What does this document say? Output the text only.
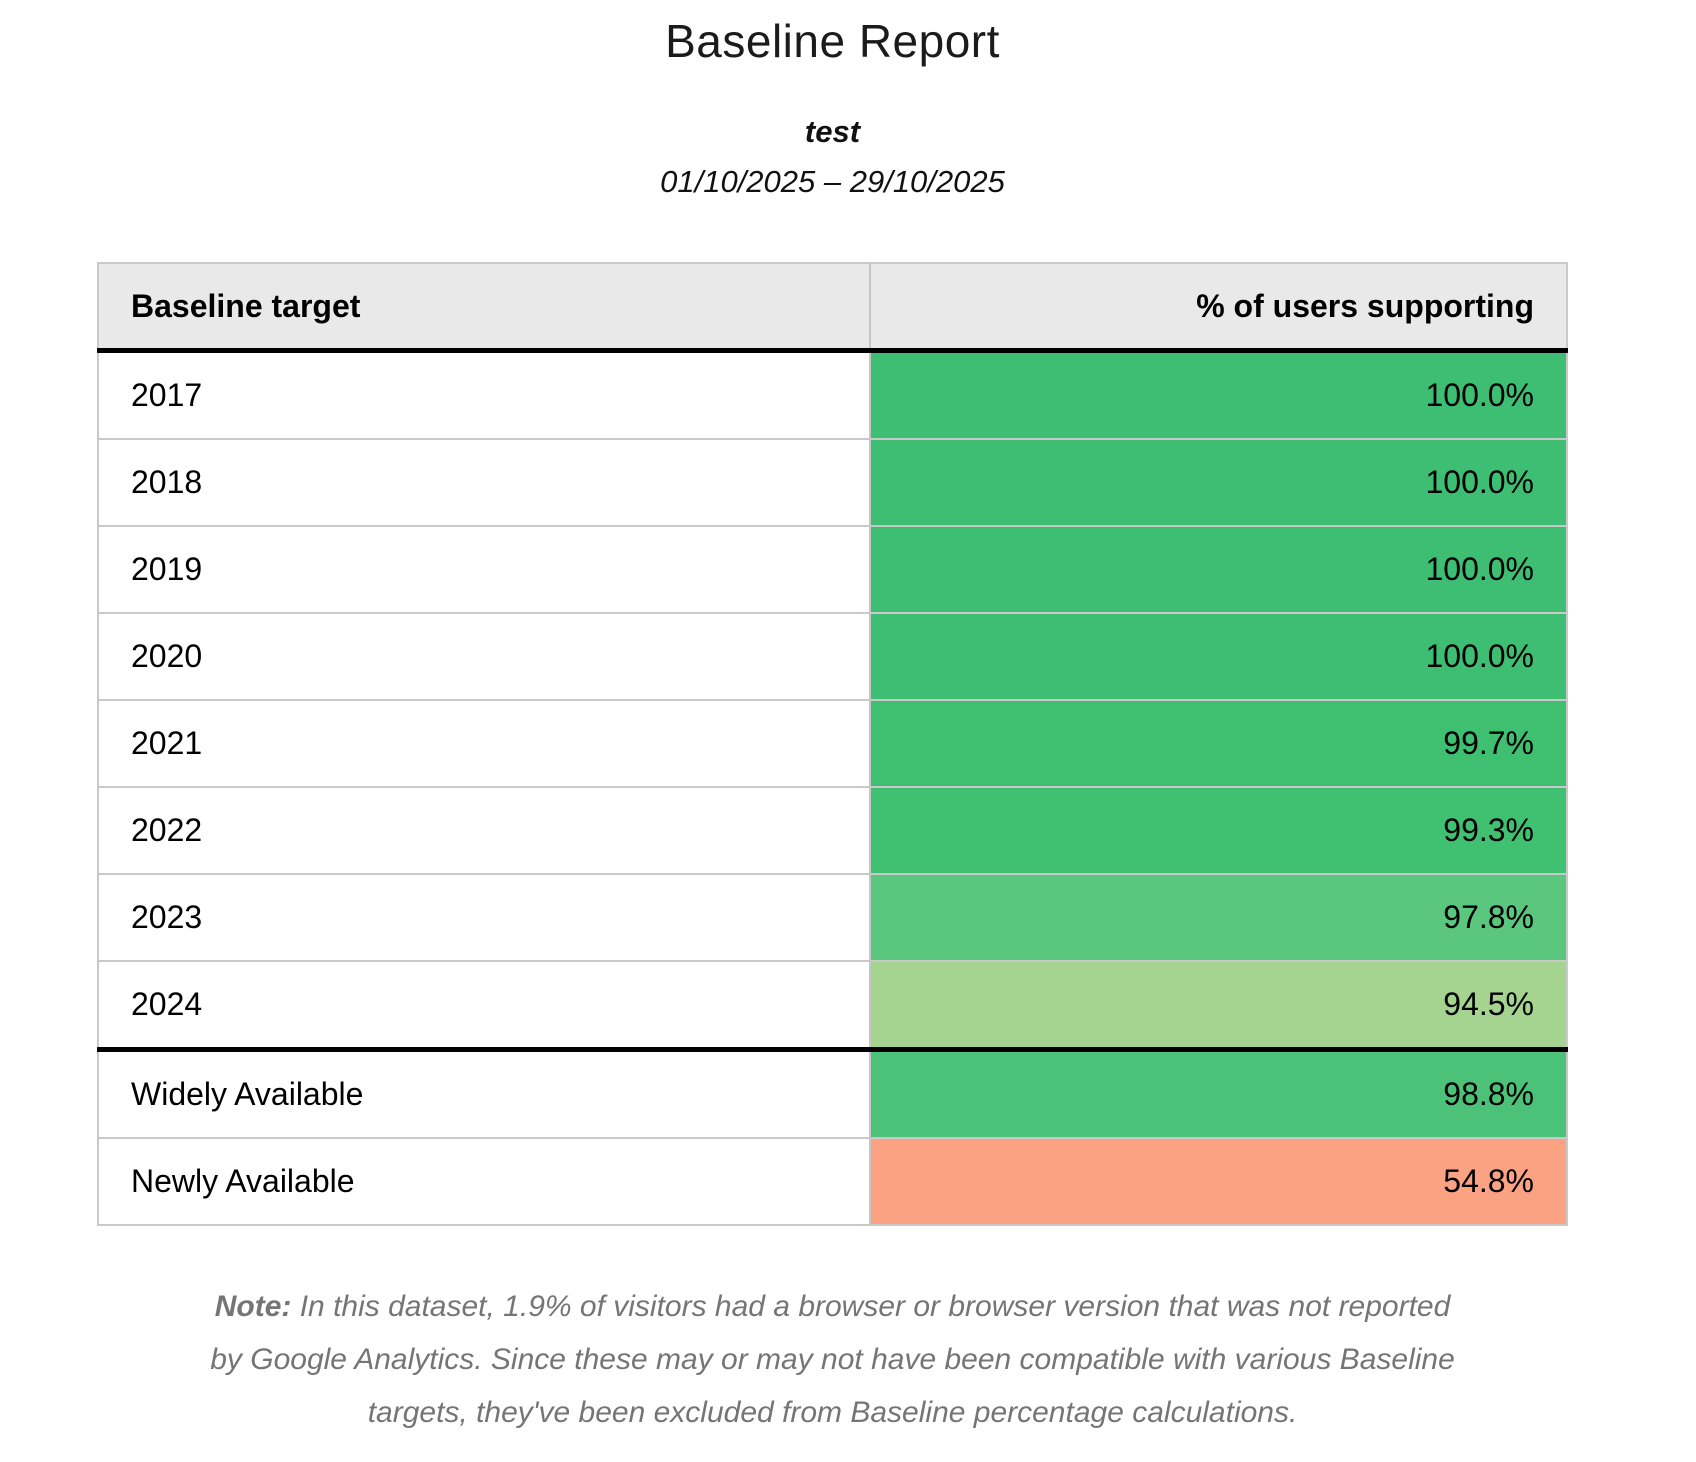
Baseline Report
test
01/10/2025 – 29/10/2025
Baseline target	% of users supporting
2017	100.0%
2018	100.0%
2019	100.0%
2020	100.0%
2021	99.7%
2022	99.3%
2023	97.8%
2024	94.5%
Widely Available	98.8%
Newly Available	54.8%
Note: In this dataset, 1.9% of visitors had a browser or browser version that was not reported by Google Analytics. Since these may or may not have been compatible with various Baseline targets, they've been excluded from Baseline percentage calculations.
